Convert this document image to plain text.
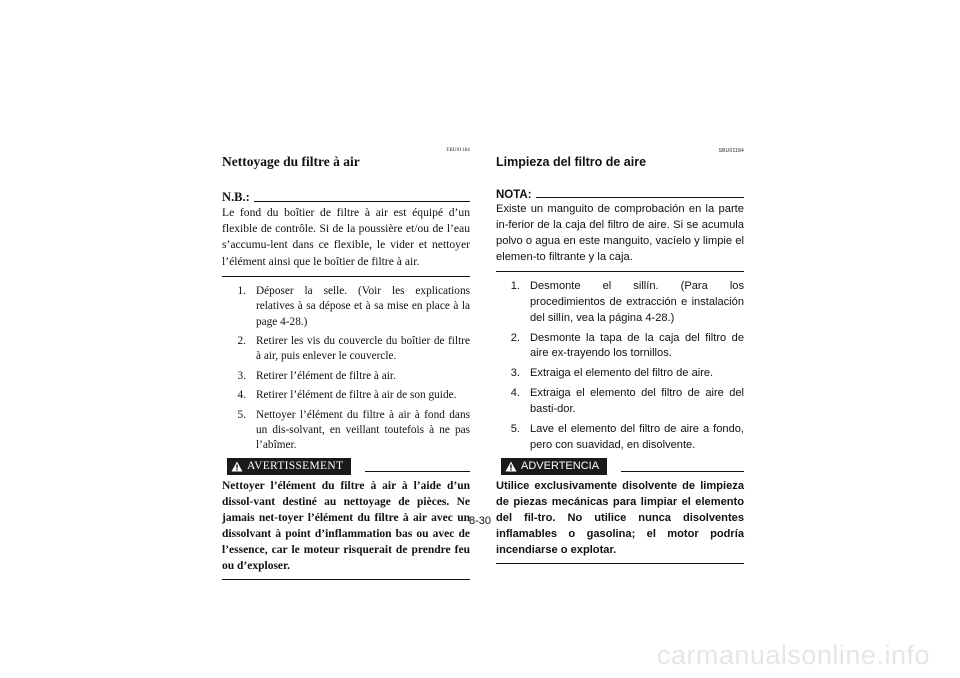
FBU01184
Nettoyage du filtre à air
N.B.:
Le fond du boîtier de filtre à air est équipé d’un flexible de contrôle. Si de la poussière et/ou de l’eau s’accumu-lent dans ce flexible, le vider et nettoyer l’élément ainsi que le boîtier de filtre à air.
1. Déposer la selle. (Voir les explications relatives à sa dépose et à sa mise en place à la page 4-28.)
2. Retirer les vis du couvercle du boîtier de filtre à air, puis enlever le couvercle.
3. Retirer l’élément de filtre à air.
4. Retirer l’élément de filtre à air de son guide.
5. Nettoyer l’élément du filtre à air à fond dans un dis-solvant, en veillant toutefois à ne pas l’abîmer.
AVERTISSEMENT
Nettoyer l’élément du filtre à air à l’aide d’un dissol-vant destiné au nettoyage de pièces. Ne jamais net-toyer l’élément du filtre à air avec un dissolvant à point d’inflammation bas ou avec de l’essence, car le moteur risquerait de prendre feu ou d’exploser.
SBU01184
Limpieza del filtro de aire
NOTA:
Existe un manguito de comprobación en la parte in-ferior de la caja del filtro de aire. Si se acumula polvo o agua en este manguito, vacíelo y limpie el elemen-to filtrante y la caja.
1. Desmonte el sillín. (Para los procedimientos de extracción e instalación del sillín, vea la página 4-28.)
2. Desmonte la tapa de la caja del filtro de aire ex-trayendo los tornillos.
3. Extraiga el elemento del filtro de aire.
4. Extraiga el elemento del filtro de aire del basti-dor.
5. Lave el elemento del filtro de aire a fondo, pero con suavidad, en disolvente.
ADVERTENCIA
Utilice exclusivamente disolvente de limpieza de piezas mecánicas para limpiar el elemento del fil-tro. No utilice nunca disolventes inflamables o gasolina; el motor podría incendiarse o explotar.
8-30
carmanualsonline.info
